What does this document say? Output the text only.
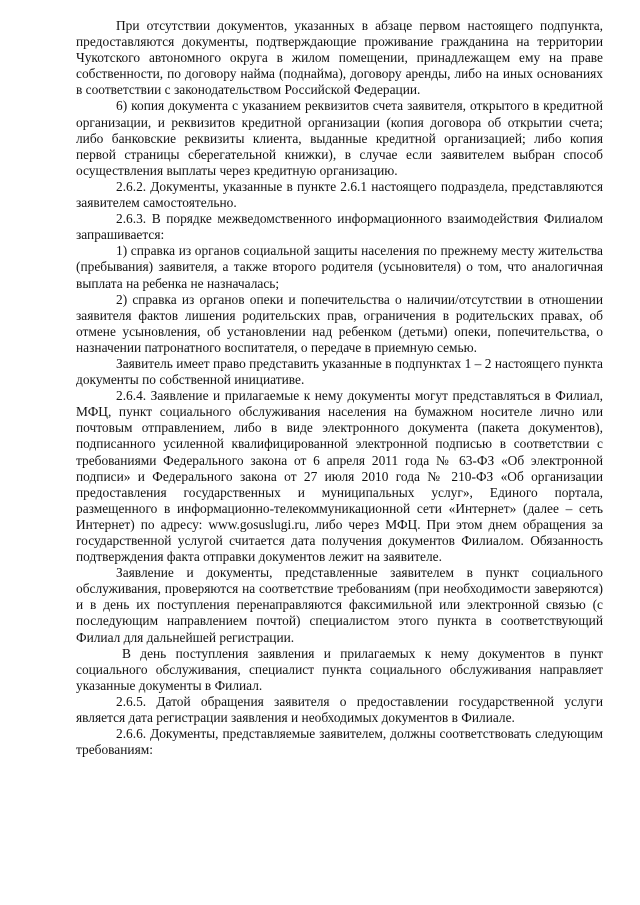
При отсутствии документов, указанных в абзаце первом настоящего подпункта, предоставляются документы, подтверждающие проживание гражданина на территории Чукотского автономного округа в жилом помещении, принадлежащем ему на праве собственности, по договору найма (поднайма), договору аренды, либо на иных основаниях в соответствии с законодательством Российской Федерации.

6) копия документа с указанием реквизитов счета заявителя, открытого в кредитной организации, и реквизитов кредитной организации (копия договора об открытии счета; либо банковские реквизиты клиента, выданные кредитной организацией; либо копия первой страницы сберегательной книжки), в случае если заявителем выбран способ осуществления выплаты через кредитную организацию.

2.6.2. Документы, указанные в пункте 2.6.1 настоящего подраздела, представляются заявителем самостоятельно.

2.6.3. В порядке межведомственного информационного взаимодействия Филиалом запрашивается:

1) справка из органов социальной защиты населения по прежнему месту жительства (пребывания) заявителя, а также второго родителя (усыновителя) о том, что аналогичная выплата на ребенка не назначалась;

2) справка из органов опеки и попечительства о наличии/отсутствии в отношении заявителя фактов лишения родительских прав, ограничения в родительских правах, об отмене усыновления, об установлении над ребенком (детьми) опеки, попечительства, о назначении патронатного воспитателя, о передаче в приемную семью.

Заявитель имеет право представить указанные в подпунктах 1 – 2 настоящего пункта документы по собственной инициативе.

2.6.4. Заявление и прилагаемые к нему документы могут представляться в Филиал, МФЦ, пункт социального обслуживания населения на бумажном носителе лично или почтовым отправлением, либо в виде электронного документа (пакета документов), подписанного усиленной квалифицированной электронной подписью в соответствии с требованиями Федерального закона от 6 апреля 2011 года № 63-ФЗ «Об электронной подписи» и Федерального закона от 27 июля 2010 года № 210-ФЗ «Об организации предоставления государственных и муниципальных услуг», Единого портала, размещенного в информационно-телекоммуникационной сети «Интернет» (далее – сеть Интернет) по адресу: www.gosuslugi.ru, либо через МФЦ. При этом днем обращения за государственной услугой считается дата получения документов Филиалом. Обязанность подтверждения факта отправки документов лежит на заявителе.

Заявление и документы, представленные заявителем в пункт социального обслуживания, проверяются на соответствие требованиям (при необходимости заверяются) и в день их поступления перенаправляются факсимильной или электронной связью (с последующим направлением почтой) специалистом этого пункта в соответствующий Филиал для дальнейшей регистрации.

В день поступления заявления и прилагаемых к нему документов в пункт социального обслуживания, специалист пункта социального обслуживания направляет указанные документы в Филиал.

2.6.5. Датой обращения заявителя о предоставлении государственной услуги является дата регистрации заявления и необходимых документов в Филиале.

2.6.6. Документы, представляемые заявителем, должны соответствовать следующим требованиям:
